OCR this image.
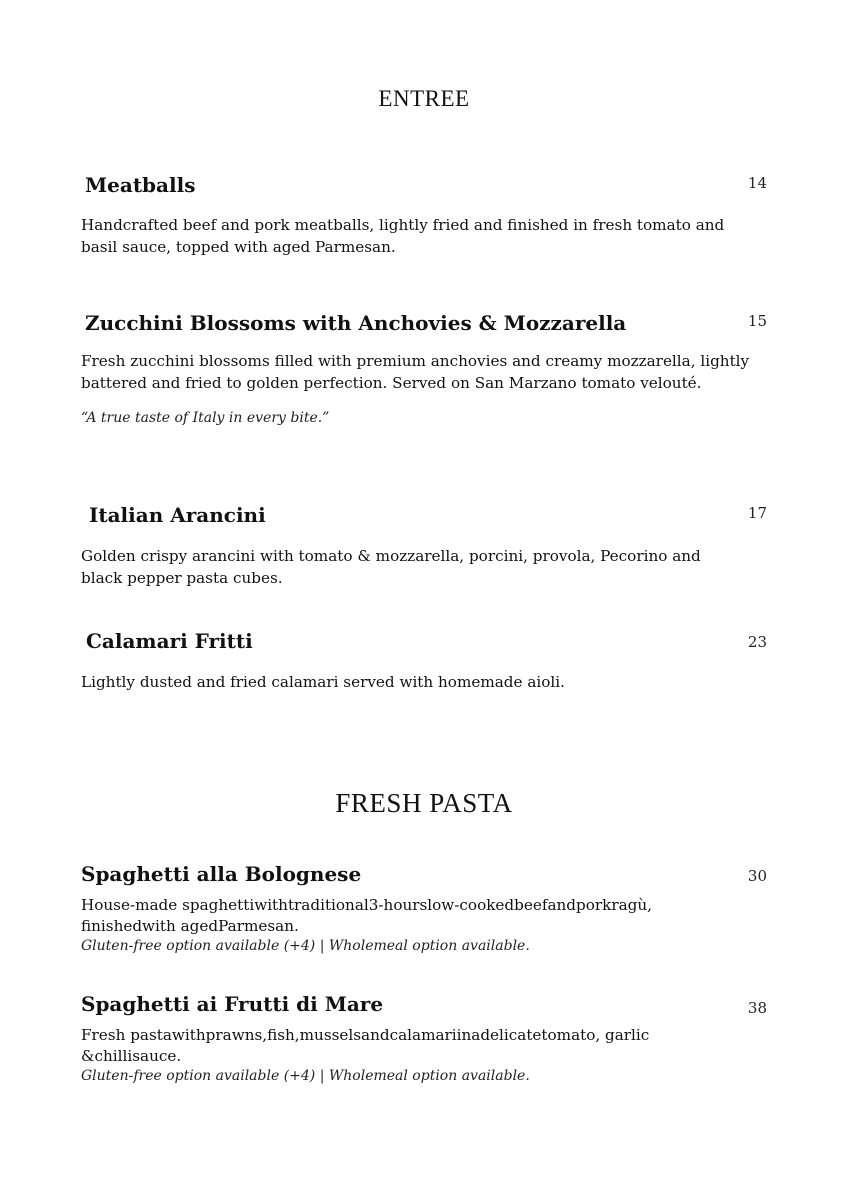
ENTREE
Meatballs	14

Handcrafted beef and pork meatballs, lightly fried and finished in fresh tomato and basil sauce, topped with aged Parmesan.

Zucchini Blossoms with Anchovies & Mozzarella	15

Fresh zucchini blossoms filled with premium anchovies and creamy mozzarella, lightly battered and fried to golden perfection. Served on San Marzano tomato velouté.

“A true taste of Italy in every bite.”

Italian Arancini	17

Golden crispy arancini with tomato & mozzarella, porcini, provola, Pecorino and black pepper pasta cubes.

Calamari Fritti	23

Lightly dusted and fried calamari served with homemade aioli.

FRESH PASTA
Spaghetti alla Bolognese	30

House-made spaghettiwithtraditional3-hourslow-cookedbeefandporkragù, finishedwith agedParmesan.

Gluten-free option available (+4) | Wholemeal option available.

Spaghetti ai Frutti di Mare	38

Fresh pastawithprawns,fish,musselsandcalamariinadelicatetomato, garlic &chillisauce.

Gluten-free option available (+4) | Wholemeal option available.
